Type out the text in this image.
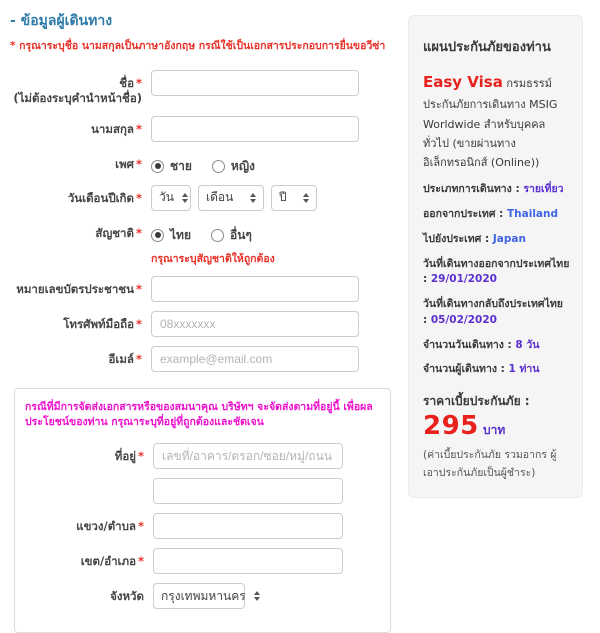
- ข้อมูลผู้เดินทาง
* กรุณาระบุชื่อ นามสกุลเป็นภาษาอังกฤษ กรณีใช้เป็นเอกสารประกอบการยื่นขอวีซ่า
ชื่อ *
(ไม่ต้องระบุคำนำหน้าชื่อ)
นามสกุล *
เพศ * ชาย	หญิง
วันเดือนปีเกิด * วัน	เดือน	ปี
สัญชาติ * ไทย	อื่นๆ
กรุณาระบุสัญชาติให้ถูกต้อง
หมายเลขบัตรประชาชน *
โทรศัพท์มือถือ *
08xxxxxxx
อีเมล์ *
example@email.com
กรณีที่มีการจัดส่งเอกสารหรือของสมนาคุณ บริษัทฯ จะจัดส่งตามที่อยู่นี้ เพื่อผลประโยชน์ของท่าน กรุณาระบุที่อยู่ที่ถูกต้องและชัดเจน
ที่อยู่ *
เลขที่/อาคาร/ตรอก/ซอย/หมู่/ถนน
แขวง/ตำบล *
เขต/อำเภอ *
จังหวัด กรุงเทพมหานคร
แผนประกันภัยของท่าน
Easy Visa กรมธรรม์ประกันภัยการเดินทาง MSIG Worldwide สำหรับบุคคลทั่วไป (ขายผ่านทางอิเล็กทรอนิกส์ (Online))
ประเภทการเดินทาง : รายเที่ยว
ออกจากประเทศ : Thailand
ไปยังประเทศ : Japan
วันที่เดินทางออกจากประเทศไทย : 29/01/2020
วันที่เดินทางกลับถึงประเทศไทย : 05/02/2020
จำนวนวันเดินทาง : 8 วัน
จำนวนผู้เดินทาง : 1 ท่าน
ราคาเบี้ยประกันภัย : 295 บาท
(ค่าเบี้ยประกันภัย รวมอากร ผู้เอาประกันภัยเป็นผู้ชำระ)
